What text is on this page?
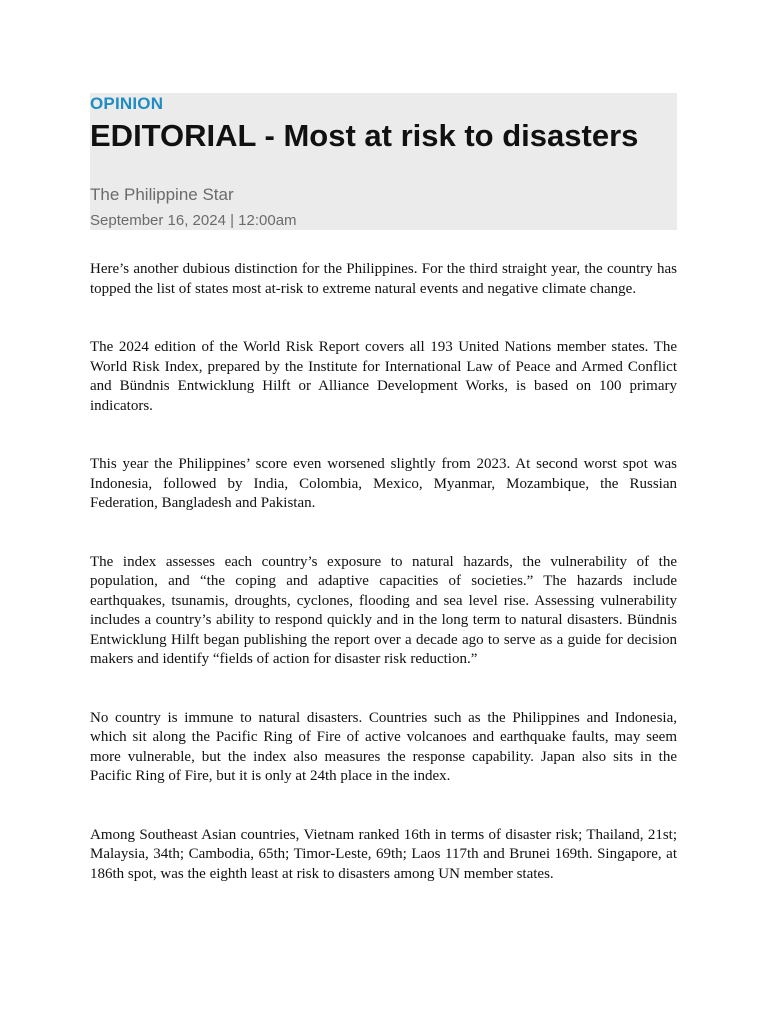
OPINION
EDITORIAL - Most at risk to disasters
The Philippine Star
September 16, 2024 | 12:00am

Here’s another dubious distinction for the Philippines. For the third straight year, the country has topped the list of states most at-risk to extreme natural events and negative climate change.

The 2024 edition of the World Risk Report covers all 193 United Nations member states. The World Risk Index, prepared by the Institute for International Law of Peace and Armed Conflict and Bündnis Entwicklung Hilft or Alliance Development Works, is based on 100 primary indicators.

This year the Philippines’ score even worsened slightly from 2023. At second worst spot was Indonesia, followed by India, Colombia, Mexico, Myanmar, Mozambique, the Russian Federation, Bangladesh and Pakistan.

The index assesses each country’s exposure to natural hazards, the vulnerability of the population, and “the coping and adaptive capacities of societies.” The hazards include earthquakes, tsunamis, droughts, cyclones, flooding and sea level rise. Assessing vulnerability includes a country’s ability to respond quickly and in the long term to natural disasters. Bündnis Entwicklung Hilft began publishing the report over a decade ago to serve as a guide for decision makers and identify “fields of action for disaster risk reduction.”

No country is immune to natural disasters. Countries such as the Philippines and Indonesia, which sit along the Pacific Ring of Fire of active volcanoes and earthquake faults, may seem more vulnerable, but the index also measures the response capability. Japan also sits in the Pacific Ring of Fire, but it is only at 24th place in the index.

Among Southeast Asian countries, Vietnam ranked 16th in terms of disaster risk; Thailand, 21st; Malaysia, 34th; Cambodia, 65th; Timor-Leste, 69th; Laos 117th and Brunei 169th. Singapore, at 186th spot, was the eighth least at risk to disasters among UN member states.
